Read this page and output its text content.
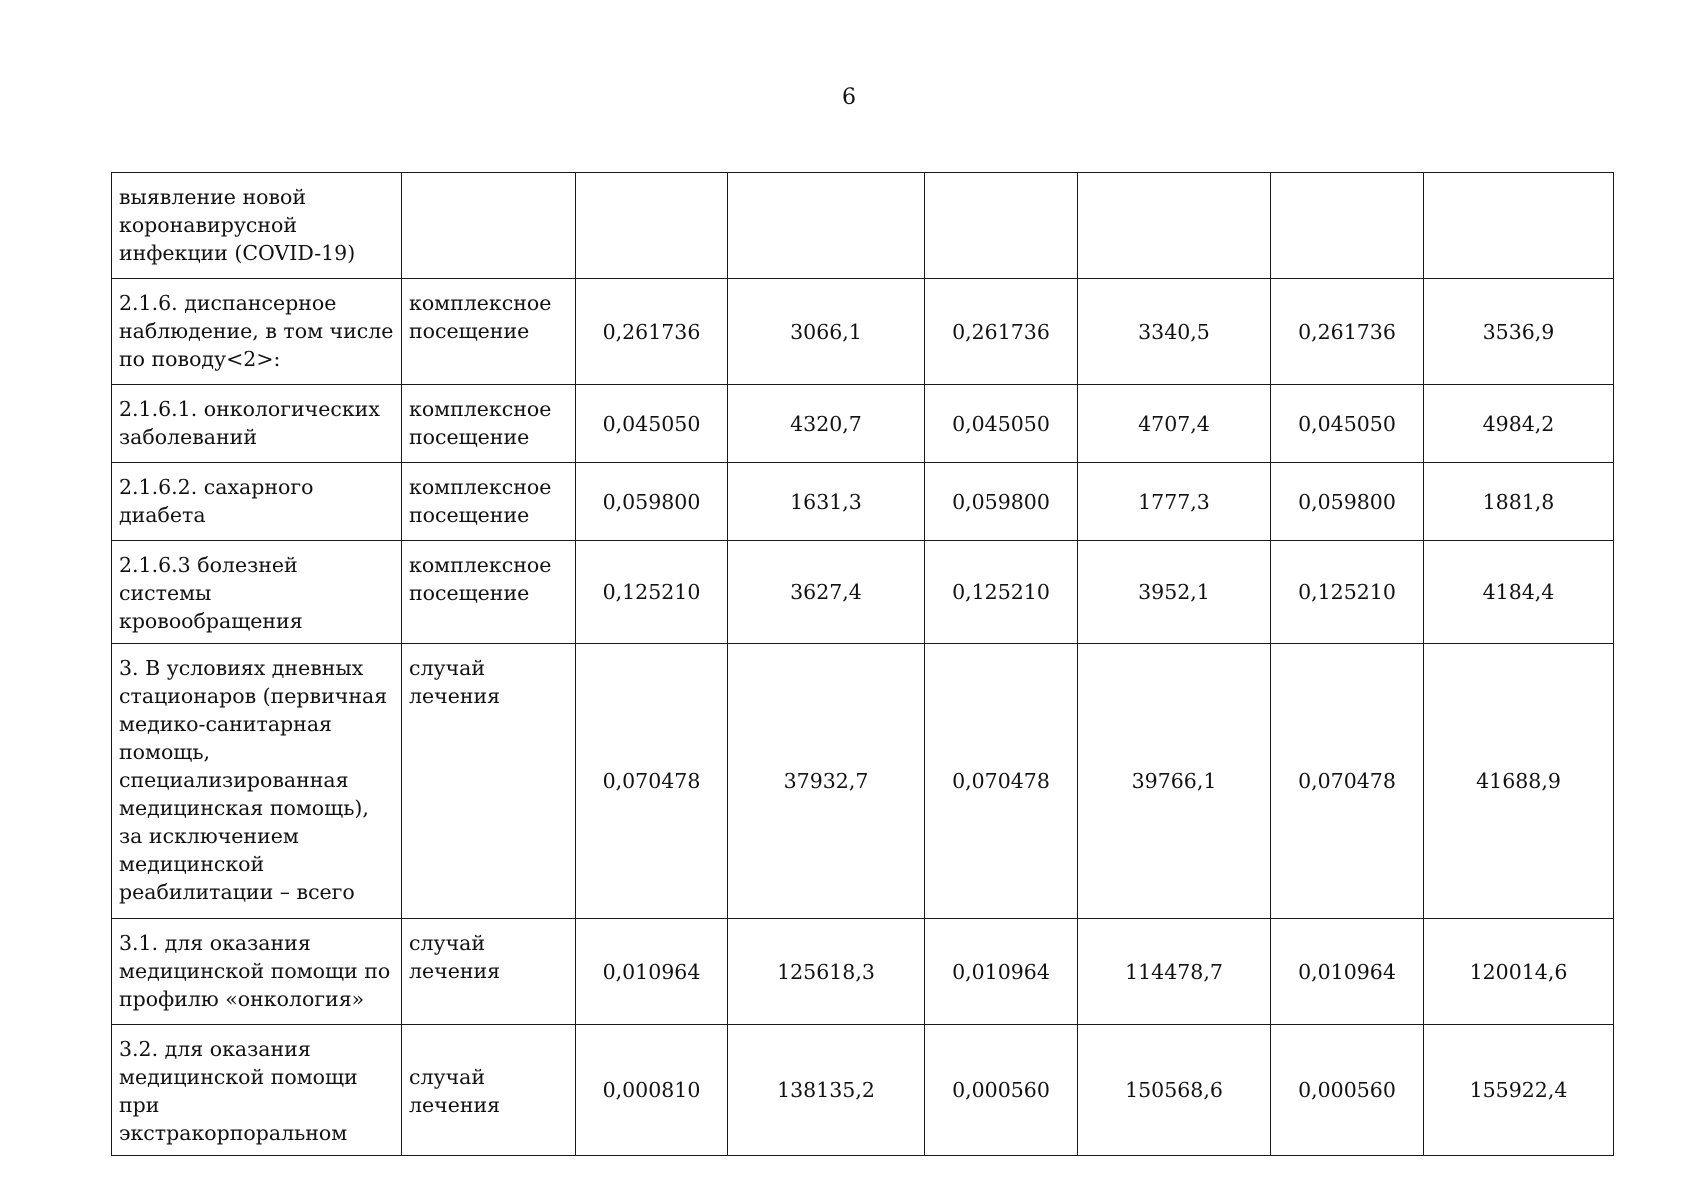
6
выявление новой коронавирусной инфекции (COVID-19)							

2.1.6. диспансерное наблюдение, в том числе по поводу<2>:	комплексное посещение	0,261736	3066,1	0,261736	3340,5	0,261736	3536,9

2.1.6.1. онкологических заболеваний	комплексное посещение	0,045050	4320,7	0,045050	4707,4	0,045050	4984,2

2.1.6.2. сахарного диабета	комплексное посещение	0,059800	1631,3	0,059800	1777,3	0,059800	1881,8

2.1.6.3 болезней системы кровообращения	комплексное посещение	0,125210	3627,4	0,125210	3952,1	0,125210	4184,4

3. В условиях дневных стационаров (первичная медико-санитарная помощь, специализированная медицинская помощь), за исключением медицинской реабилитации – всего	случай лечения	0,070478	37932,7	0,070478	39766,1	0,070478	41688,9

3.1. для оказания медицинской помощи по профилю «онкология»	случай лечения	0,010964	125618,3	0,010964	114478,7	0,010964	120014,6

3.2. для оказания медицинской помощи при экстракорпоральном	случай лечения	0,000810	138135,2	0,000560	150568,6	0,000560	155922,4
